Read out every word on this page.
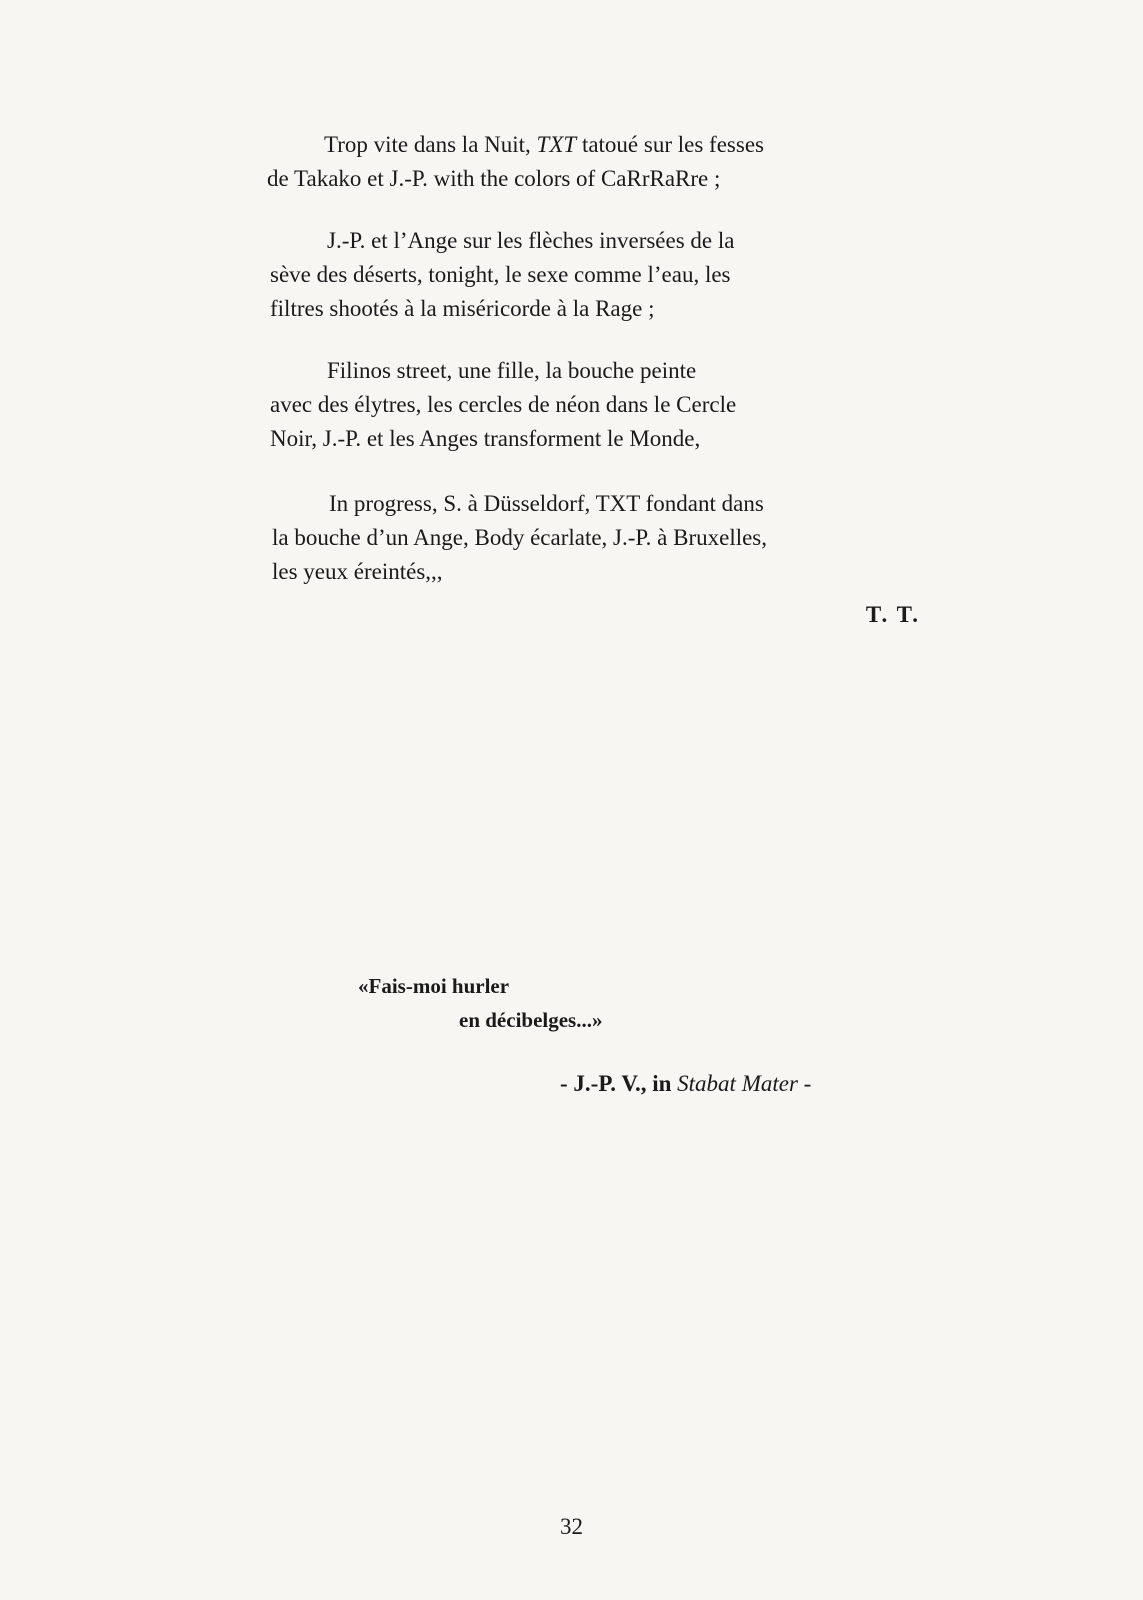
Trop vite dans la Nuit, TXT tatoué sur les fesses
de Takako et J.-P. with the colors of CaRrRaRre ;
J.-P. et l’Ange sur les flèches inversées de la
sève des déserts, tonight, le sexe comme l’eau, les
filtres shootés à la miséricorde à la Rage ;
Filinos street, une fille, la bouche peinte
avec des élytres, les cercles de néon dans le Cercle
Noir, J.-P. et les Anges transforment le Monde,
In progress, S. à Düsseldorf, TXT fondant dans
la bouche d’un Ange, Body écarlate, J.-P. à Bruxelles,
les yeux éreintés,,,
T. T.
«Fais-moi hurler
en décibelges...»
- J.-P. V., in Stabat Mater -
32
